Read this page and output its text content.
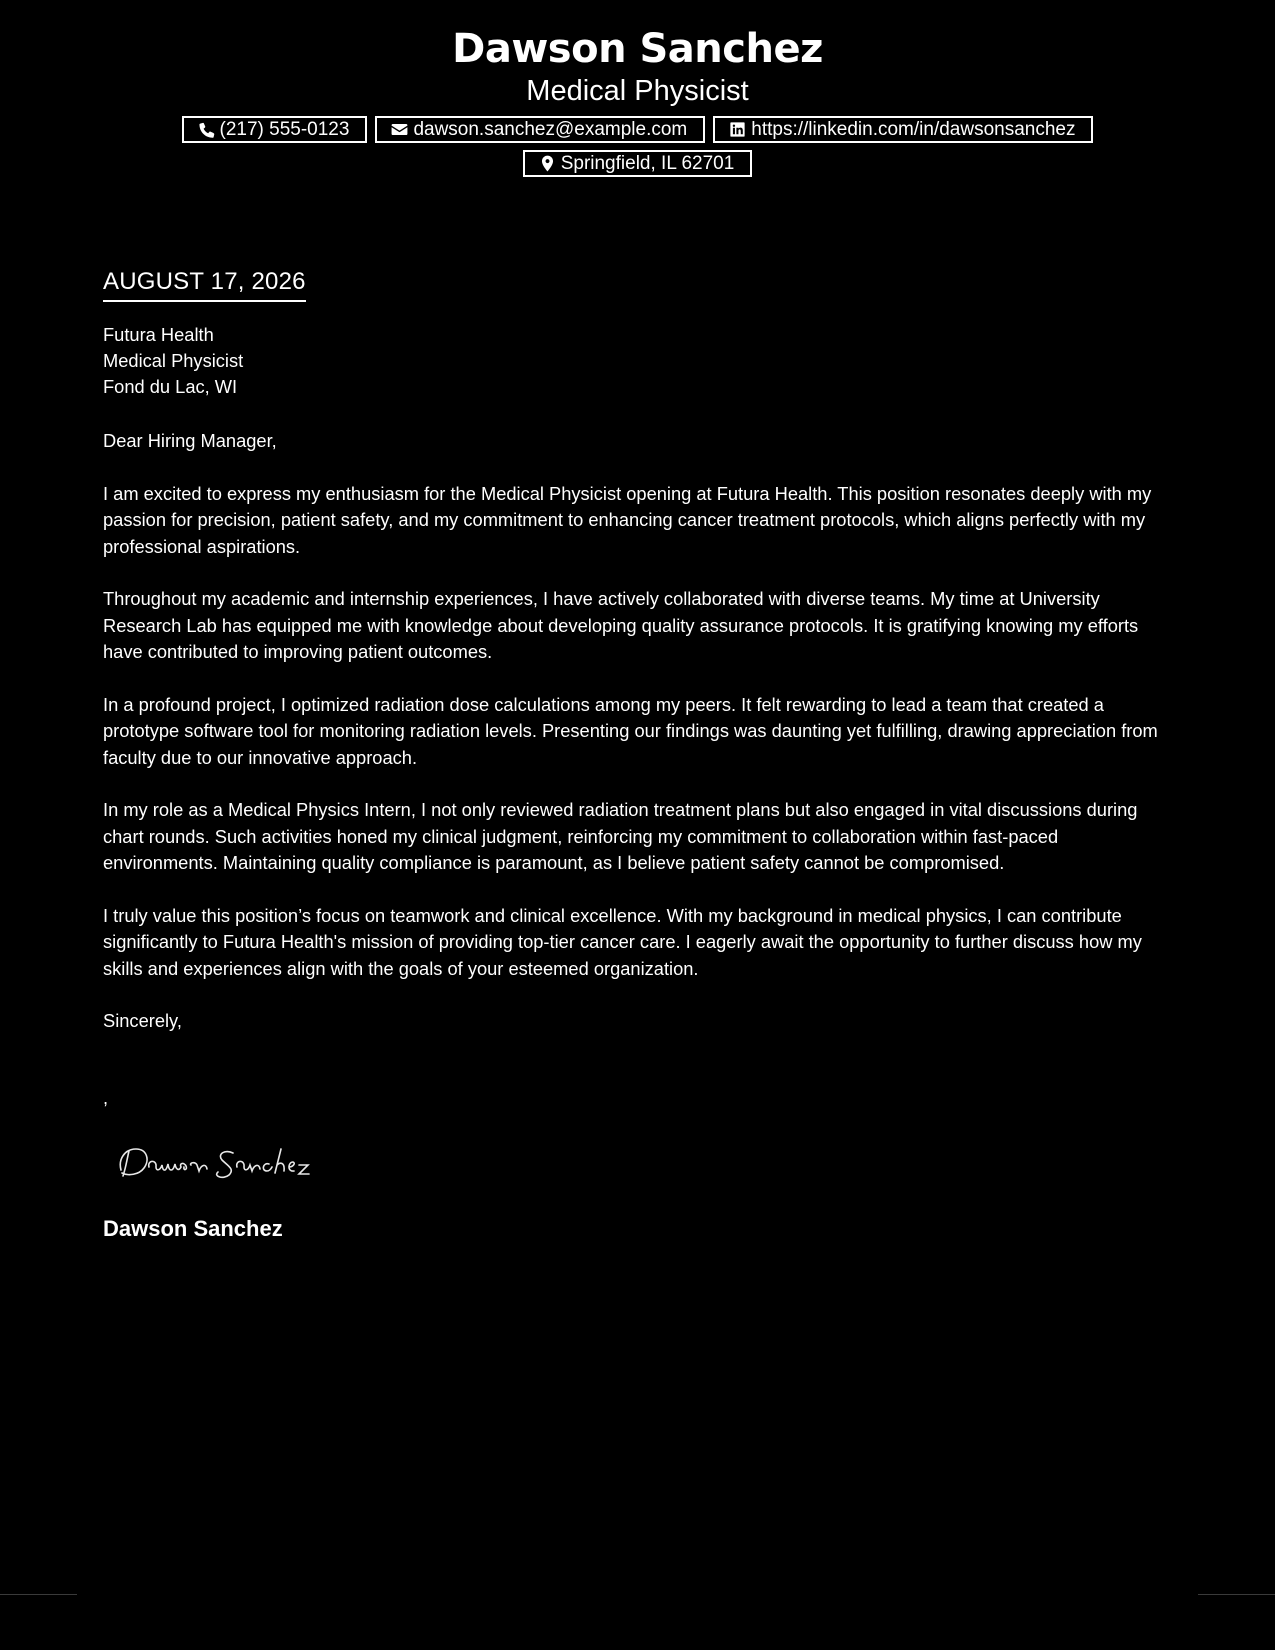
Dawson Sanchez
Medical Physicist
(217) 555-0123	dawson.sanchez@example.com	https://linkedin.com/in/dawsonsanchez
Springfield, IL 62701
AUGUST 17, 2026
Futura Health
Medical Physicist
Fond du Lac, WI
Dear Hiring Manager,
I am excited to express my enthusiasm for the Medical Physicist opening at Futura Health. This position resonates deeply with my passion for precision, patient safety, and my commitment to enhancing cancer treatment protocols, which aligns perfectly with my professional aspirations.
Throughout my academic and internship experiences, I have actively collaborated with diverse teams. My time at University Research Lab has equipped me with knowledge about developing quality assurance protocols. It is gratifying knowing my efforts have contributed to improving patient outcomes.
In a profound project, I optimized radiation dose calculations among my peers. It felt rewarding to lead a team that created a prototype software tool for monitoring radiation levels. Presenting our findings was daunting yet fulfilling, drawing appreciation from faculty due to our innovative approach.
In my role as a Medical Physics Intern, I not only reviewed radiation treatment plans but also engaged in vital discussions during chart rounds. Such activities honed my clinical judgment, reinforcing my commitment to collaboration within fast-paced environments. Maintaining quality compliance is paramount, as I believe patient safety cannot be compromised.
I truly value this position’s focus on teamwork and clinical excellence. With my background in medical physics, I can contribute significantly to Futura Health's mission of providing top-tier cancer care. I eagerly await the opportunity to further discuss how my skills and experiences align with the goals of your esteemed organization.
Sincerely,
,
Dawson Sanchez
